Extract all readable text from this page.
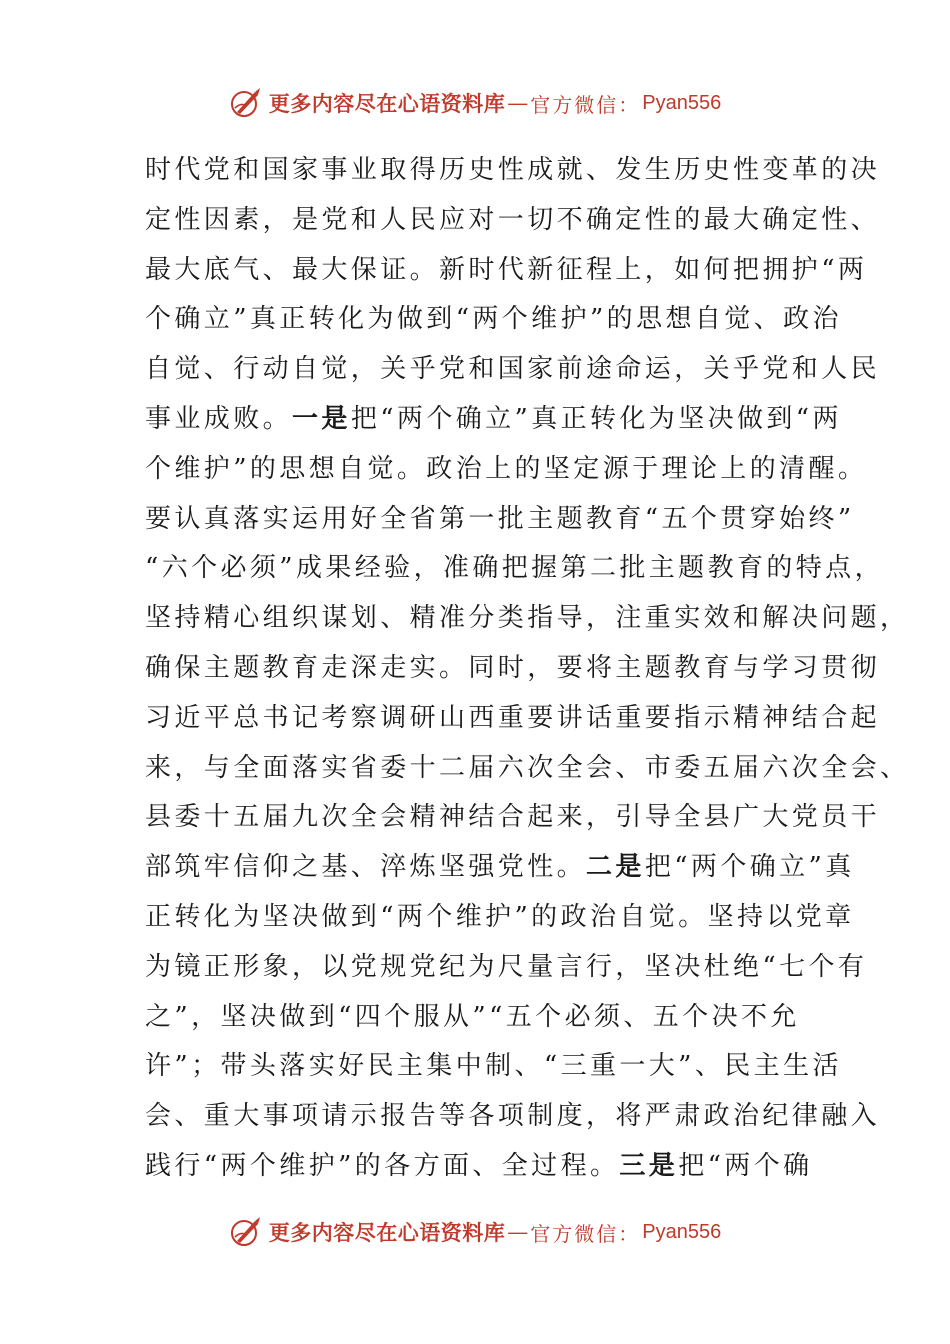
更多内容尽在心语资料库 — 官方微信： Pyan556
时代党和国家事业取得历史性成就、发生历史性变革的决
定性因素，是党和人民应对一切不确定性的最大确定性、
最大底气、最大保证。新时代新征程上，如何把拥护“两
个确立”真正转化为做到“两个维护”的思想自觉、政治
自觉、行动自觉，关乎党和国家前途命运，关乎党和人民
事业成败。一是把“两个确立”真正转化为坚决做到“两
个维护”的思想自觉。政治上的坚定源于理论上的清醒。
要认真落实运用好全省第一批主题教育“五个贯穿始终”
“六个必须”成果经验，准确把握第二批主题教育的特点，
坚持精心组织谋划、精准分类指导，注重实效和解决问题，
确保主题教育走深走实。同时，要将主题教育与学习贯彻
习近平总书记考察调研山西重要讲话重要指示精神结合起
来，与全面落实省委十二届六次全会、市委五届六次全会、
县委十五届九次全会精神结合起来，引导全县广大党员干
部筑牢信仰之基、淬炼坚强党性。二是把“两个确立”真
正转化为坚决做到“两个维护”的政治自觉。坚持以党章
为镜正形象，以党规党纪为尺量言行，坚决杜绝“七个有
之”，坚决做到“四个服从”“五个必须、五个决不允
许”；带头落实好民主集中制、“三重一大”、民主生活
会、重大事项请示报告等各项制度，将严肃政治纪律融入
践行“两个维护”的各方面、全过程。三是把“两个确
更多内容尽在心语资料库 — 官方微信： Pyan556
